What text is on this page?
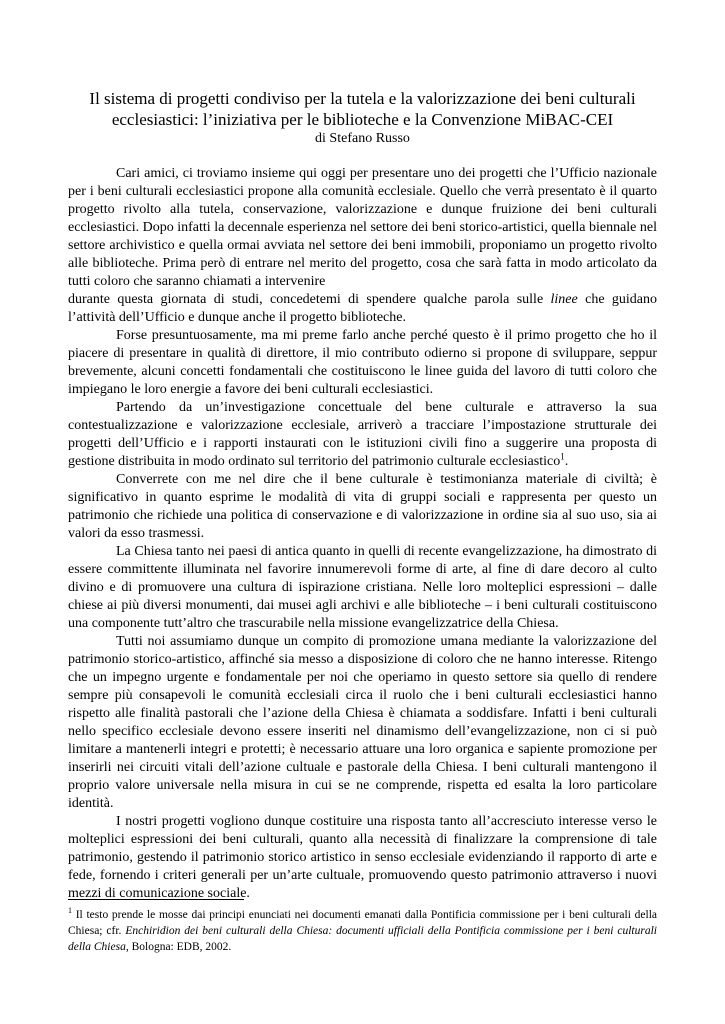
Il sistema di progetti condiviso per la tutela e la valorizzazione dei beni culturali
ecclesiastici: l’iniziativa per le biblioteche e la Convenzione MiBAC-CEI

di Stefano Russo

Cari amici, ci troviamo insieme qui oggi per presentare uno dei progetti che l’Ufficio nazionale per i beni culturali ecclesiastici propone alla comunità ecclesiale. Quello che verrà presentato è il quarto progetto rivolto alla tutela, conservazione, valorizzazione e dunque fruizione dei beni culturali ecclesiastici. Dopo infatti la decennale esperienza nel settore dei beni storico-artistici, quella biennale nel settore archivistico e quella ormai avviata nel settore dei beni immobili, proponiamo un progetto rivolto alle biblioteche. Prima però di entrare nel merito del progetto, cosa che sarà fatta in modo articolato da tutti coloro che saranno chiamati a intervenire

durante questa giornata di studi, concedetemi di spendere qualche parola sulle linee che guidano l’attività dell’Ufficio e dunque anche il progetto biblioteche.

Forse presuntuosamente, ma mi preme farlo anche perché questo è il primo progetto che ho il piacere di presentare in qualità di direttore, il mio contributo odierno si propone di sviluppare, seppur brevemente, alcuni concetti fondamentali che costituiscono le linee guida del lavoro di tutti coloro che impiegano le loro energie a favore dei beni culturali ecclesiastici.

Partendo da un’investigazione concettuale del bene culturale e attraverso la sua contestualizzazione e valorizzazione ecclesiale, arriverò a tracciare l’impostazione strutturale dei progetti dell’Ufficio e i rapporti instaurati con le istituzioni civili fino a suggerire una proposta di gestione distribuita in modo ordinato sul territorio del patrimonio culturale ecclesiastico$^1$.

Converrete con me nel dire che il bene culturale è testimonianza materiale di civiltà; è significativo in quanto esprime le modalità di vita di gruppi sociali e rappresenta per questo un patrimonio che richiede una politica di conservazione e di valorizzazione in ordine sia al suo uso, sia ai valori da esso trasmessi.

La Chiesa tanto nei paesi di antica quanto in quelli di recente evangelizzazione, ha dimostrato di essere committente illuminata nel favorire innumerevoli forme di arte, al fine di dare decoro al culto divino e di promuovere una cultura di ispirazione cristiana. Nelle loro molteplici espressioni – dalle chiese ai più diversi monumenti, dai musei agli archivi e alle biblioteche – i beni culturali costituiscono una componente tutt’altro che trascurabile nella missione evangelizzatrice della Chiesa.

Tutti noi assumiamo dunque un compito di promozione umana mediante la valorizzazione del patrimonio storico-artistico, affinché sia messo a disposizione di coloro che ne hanno interesse. Ritengo che un impegno urgente e fondamentale per noi che operiamo in questo settore sia quello di rendere sempre più consapevoli le comunità ecclesiali circa il ruolo che i beni culturali ecclesiastici hanno rispetto alle finalità pastorali che l’azione della Chiesa è chiamata a soddisfare. Infatti i beni culturali nello specifico ecclesiale devono essere inseriti nel dinamismo dell’evangelizzazione, non ci si può limitare a mantenerli integri e protetti; è necessario attuare una loro organica e sapiente promozione per inserirli nei circuiti vitali dell’azione cultuale e pastorale della Chiesa. I beni culturali mantengono il proprio valore universale nella misura in cui se ne comprende, rispetta ed esalta la loro particolare identità.

I nostri progetti vogliono dunque costituire una risposta tanto all’accresciuto interesse verso le molteplici espressioni dei beni culturali, quanto alla necessità di finalizzare la comprensione di tale patrimonio, gestendo il patrimonio storico artistico in senso ecclesiale evidenziando il rapporto di arte e fede, fornendo i criteri generali per un’arte cultuale, promuovendo questo patrimonio attraverso i nuovi mezzi di comunicazione sociale.

$^1$ Il testo prende le mosse dai principi enunciati nei documenti emanati dalla Pontificia commissione per i beni culturali della Chiesa; cfr. Enchiridion dei beni culturali della Chiesa: documenti ufficiali della Pontificia commissione per i beni culturali della Chiesa, Bologna: EDB, 2002.
